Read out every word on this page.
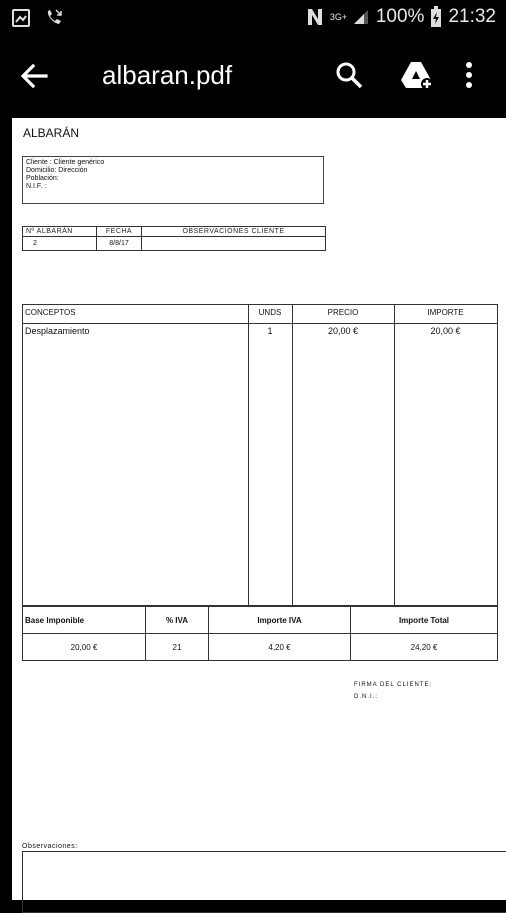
3G+ 100% 21:32
albaran.pdf
ALBARÁN
Cliente : Cliente genérico
Domicilio: Dirección
Población:
N.I.F. :
Nº ALBARÁN	FECHA	OBSERVACIONES CLIENTE
2	8/8/17	
CONCEPTOS	UNDS	PRECIO	IMPORTE
Desplazamiento	1	20,00 €	20,00 €
Base Imponible	% IVA	Importe IVA	Importe Total
20,00 €	21	4,20 €	24,20 €
FIRMA DEL CLIENTE:
D.N.I.:
Observaciones:
